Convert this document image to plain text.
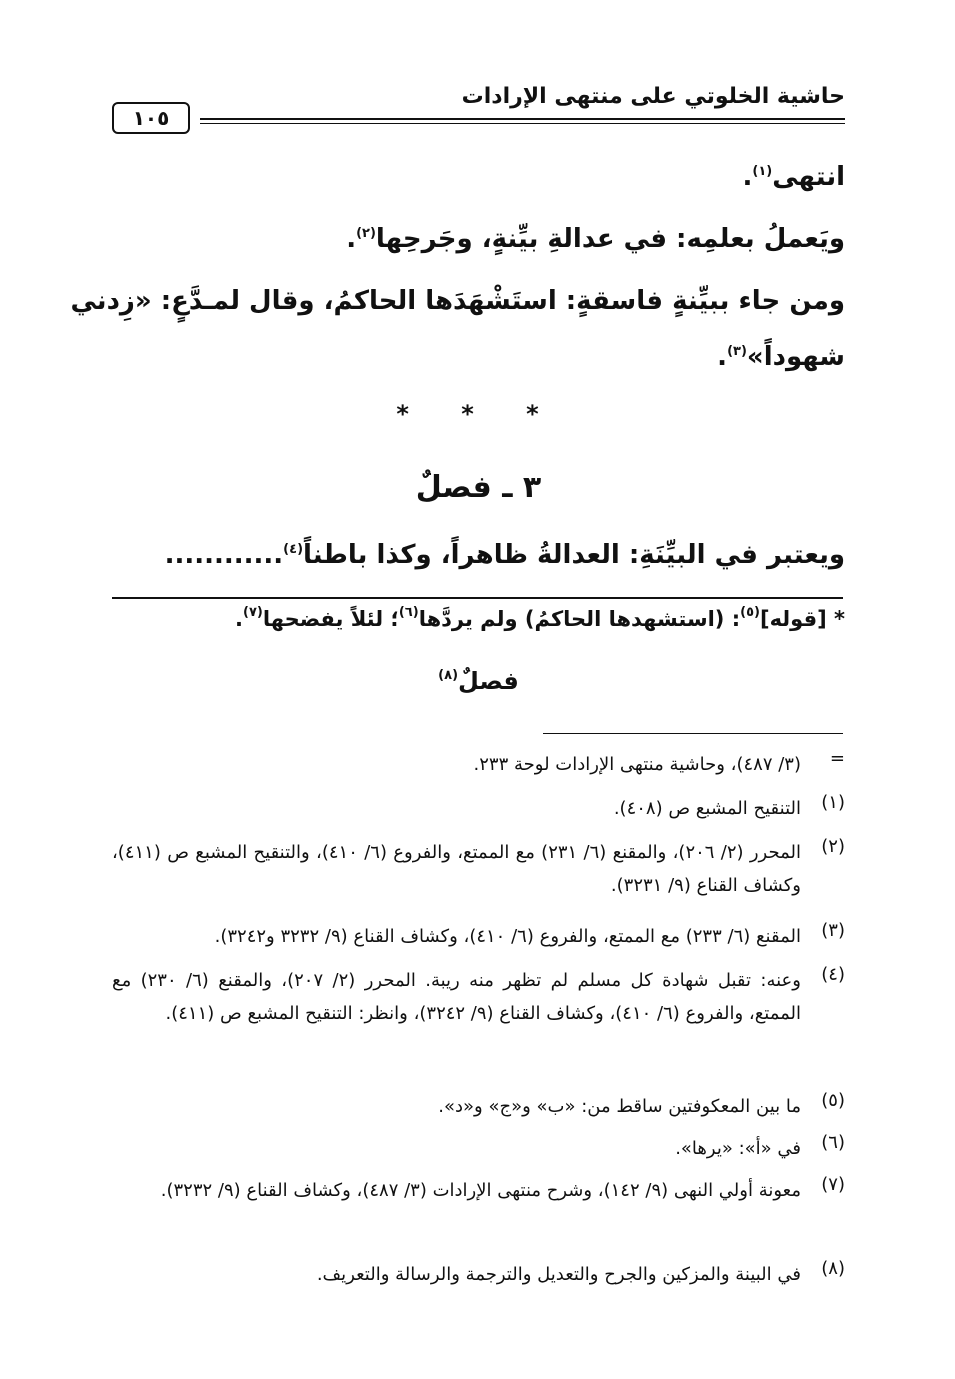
حاشية الخلوتي على منتهى الإرادات
١٠٥
انتهى$^{(١)}$.
ويَعملُ بعلمِه: في عدالةِ بيِّنةٍ، وجَرحِها$^{(٢)}$.
ومن جاء ببيِّنةٍ فاسقةٍ: استَشْهَدَها الحاكمُ، وقال لمـدَّعٍ: «زِدني
شهوداً»$^{(٣)}$.
* * *
٣ ـ فصلٌ
ويعتبر في البيِّنَةِ: العدالةُ ظاهراً، وكذا باطناً$^{(٤)}$............
* [قوله]$^{(٥)}$: (استشهدها الحاكمُ) ولم يردَّها$^{(٦)}$؛ لئلاً يفضحها$^{(٧)}$.
فصلٌ$^{(٨)}$
=
(٣/ ٤٨٧)، وحاشية منتهى الإرادات لوحة ٢٣٣.
(١)
التنقيح المشبع ص (٤٠٨).
(٢)
المحرر (٢/ ٢٠٦)، والمقنع (٦/ ٢٣١) مع الممتع، والفروع (٦/ ٤١٠)، والتنقيح المشبع ص (٤١١)، وكشاف القناع (٩/ ٣٢٣١).
(٣)
المقنع (٦/ ٢٣٣) مع الممتع، والفروع (٦/ ٤١٠)، وكشاف القناع (٩/ ٣٢٣٢ و٣٢٤٢).
(٤)
وعنه: تقبل شهادة كل مسلم لم تظهر منه ريبة. المحرر (٢/ ٢٠٧)، والمقنع (٦/ ٢٣٠) مع الممتع، والفروع (٦/ ٤١٠)، وكشاف القناع (٩/ ٣٢٤٢)، وانظر: التنقيح المشبع ص (٤١١).
(٥)
ما بين المعكوفتين ساقط من: «ب» و«ج» و«د».
(٦)
في «أ»: «يرها».
(٧)
معونة أولي النهى (٩/ ١٤٢)، وشرح منتهى الإرادات (٣/ ٤٨٧)، وكشاف القناع (٩/ ٣٢٣٢).
(٨)
في البينة والمزكين والجرح والتعديل والترجمة والرسالة والتعريف.
